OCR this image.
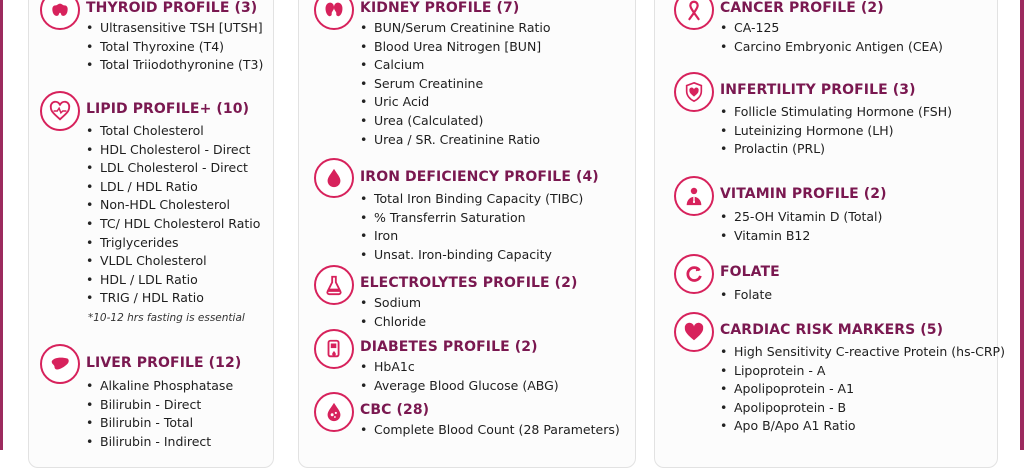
THYROID PROFILE (3)
• Ultrasensitive TSH [UTSH]
• Total Thyroxine (T4)
• Total Triiodothyronine (T3)
LIPID PROFILE+ (10)
• Total Cholesterol
• HDL Cholesterol - Direct
• LDL Cholesterol - Direct
• LDL / HDL Ratio
• Non-HDL Cholesterol
• TC/ HDL Cholesterol Ratio
• Triglycerides
• VLDL Cholesterol
• HDL / LDL Ratio
• TRIG / HDL Ratio
*10-12 hrs fasting is essential
LIVER PROFILE (12)
• Alkaline Phosphatase
• Bilirubin - Direct
• Bilirubin - Total
• Bilirubin - Indirect
KIDNEY PROFILE (7)
• BUN/Serum Creatinine Ratio
• Blood Urea Nitrogen [BUN]
• Calcium
• Serum Creatinine
• Uric Acid
• Urea (Calculated)
• Urea / SR. Creatinine Ratio
IRON DEFICIENCY PROFILE (4)
• Total Iron Binding Capacity (TIBC)
• % Transferrin Saturation
• Iron
• Unsat. Iron-binding Capacity
ELECTROLYTES PROFILE (2)
• Sodium
• Chloride
DIABETES PROFILE (2)
• HbA1c
• Average Blood Glucose (ABG)
CBC (28)
• Complete Blood Count (28 Parameters)
CANCER PROFILE (2)
• CA-125
• Carcino Embryonic Antigen (CEA)
INFERTILITY PROFILE (3)
• Follicle Stimulating Hormone (FSH)
• Luteinizing Hormone (LH)
• Prolactin (PRL)
VITAMIN PROFILE (2)
• 25-OH Vitamin D (Total)
• Vitamin B12
FOLATE
• Folate
CARDIAC RISK MARKERS (5)
• High Sensitivity C-reactive Protein (hs-CRP)
• Lipoprotein - A
• Apolipoprotein - A1
• Apolipoprotein - B
• Apo B/Apo A1 Ratio
